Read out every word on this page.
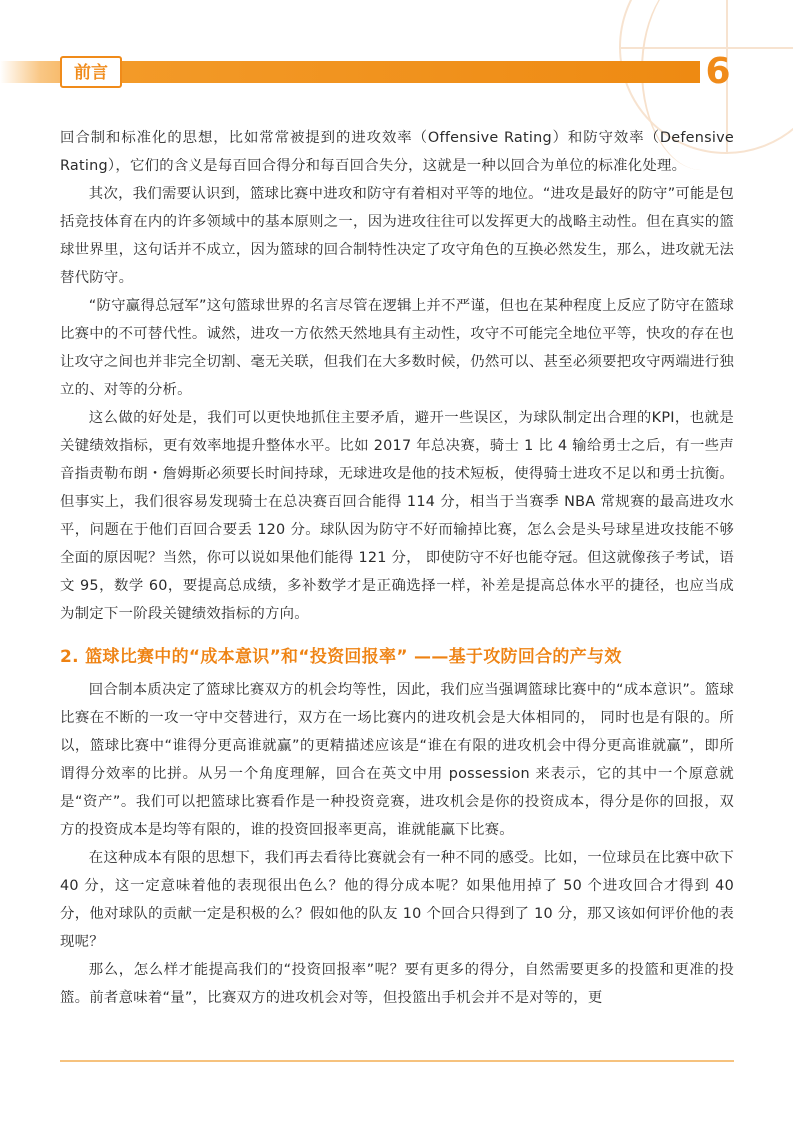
前言	6

回合制和标准化的思想，比如常常被提到的进攻效率（Offensive Rating）和防守效率（Defensive Rating），它们的含义是每百回合得分和每百回合失分，这就是一种以回合为单位的标准化处理。

其次，我们需要认识到，篮球比赛中进攻和防守有着相对平等的地位。“进攻是最好的防守”可能是包括竞技体育在内的许多领域中的基本原则之一，因为进攻往往可以发挥更大的战略主动性。但在真实的篮球世界里，这句话并不成立，因为篮球的回合制特性决定了攻守角色的互换必然发生，那么，进攻就无法替代防守。

“防守赢得总冠军”这句篮球世界的名言尽管在逻辑上并不严谨，但也在某种程度上反应了防守在篮球比赛中的不可替代性。诚然，进攻一方依然天然地具有主动性，攻守不可能完全地位平等，快攻的存在也让攻守之间也并非完全切割、毫无关联，但我们在大多数时候，仍然可以、甚至必须要把攻守两端进行独立的、对等的分析。

这么做的好处是，我们可以更快地抓住主要矛盾，避开一些误区，为球队制定出合理的KPI，也就是关键绩效指标，更有效率地提升整体水平。比如 2017 年总决赛，骑士 1 比 4 输给勇士之后，有一些声音指责勒布朗・詹姆斯必须要长时间持球，无球进攻是他的技术短板，使得骑士进攻不足以和勇士抗衡。但事实上，我们很容易发现骑士在总决赛百回合能得 114 分，相当于当赛季 NBA 常规赛的最高进攻水平，问题在于他们百回合要丢 120 分。球队因为防守不好而输掉比赛，怎么会是头号球星进攻技能不够全面的原因呢？当然，你可以说如果他们能得 121 分， 即使防守不好也能夺冠。但这就像孩子考试，语文 95，数学 60，要提高总成绩，多补数学才是正确选择一样，补差是提高总体水平的捷径，也应当成为制定下一阶段关键绩效指标的方向。

2. 篮球比赛中的“成本意识”和“投资回报率” ——基于攻防回合的产与效

回合制本质决定了篮球比赛双方的机会均等性，因此，我们应当强调篮球比赛中的“成本意识”。篮球比赛在不断的一攻一守中交替进行，双方在一场比赛内的进攻机会是大体相同的， 同时也是有限的。所以，篮球比赛中“谁得分更高谁就赢”的更精描述应该是“谁在有限的进攻机会中得分更高谁就赢”，即所谓得分效率的比拼。从另一个角度理解，回合在英文中用 possession 来表示，它的其中一个原意就是“资产”。我们可以把篮球比赛看作是一种投资竞赛，进攻机会是你的投资成本，得分是你的回报，双方的投资成本是均等有限的，谁的投资回报率更高，谁就能赢下比赛。

在这种成本有限的思想下，我们再去看待比赛就会有一种不同的感受。比如，一位球员在比赛中砍下 40 分，这一定意味着他的表现很出色么？他的得分成本呢？如果他用掉了 50 个进攻回合才得到 40 分，他对球队的贡献一定是积极的么？假如他的队友 10 个回合只得到了 10 分，那又该如何评价他的表现呢？

那么，怎么样才能提高我们的“投资回报率”呢？要有更多的得分，自然需要更多的投篮和更准的投篮。前者意味着“量”，比赛双方的进攻机会对等，但投篮出手机会并不是对等的，更
